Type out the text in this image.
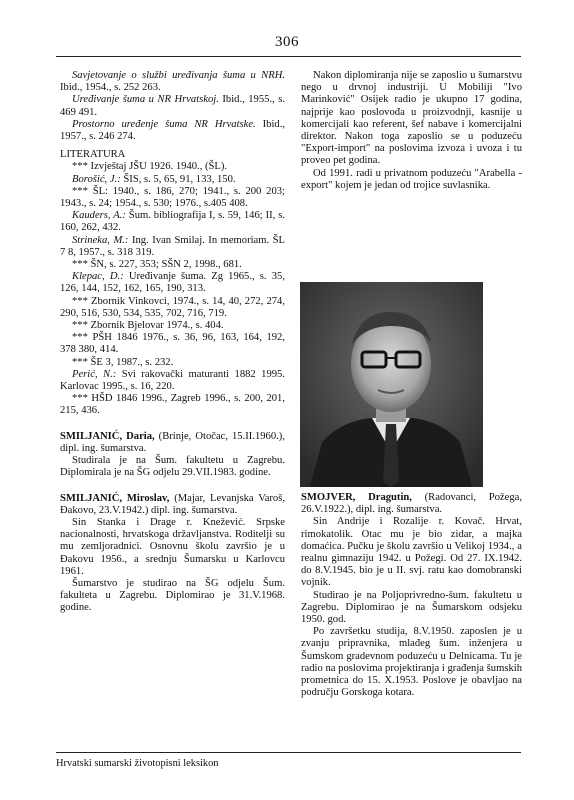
306

Savjetovanje o službi uređivanja šuma u NRH. Ibid., 1954., s. 252 263.

Uređivanje šuma u NR Hrvatskoj. Ibid., 1955., s. 469 491.

Prostorno uređenje šuma NR Hrvatske. Ibid., 1957., s. 246 274.

LITERATURA

*** Izvještaj JŠU 1926. 1940., (ŠL).

Borošić, J.: ŠIS, s. 5, 65, 91, 133, 150.

*** ŠL: 1940., s. 186, 270; 1941., s. 200 203; 1943., s. 24; 1954., s. 530; 1976., s.405 408.

Kauders, A.: Šum. bibliografija I, s. 59, 146; II, s. 160, 262, 432.

Strineka, M.: Ing. Ivan Smilaj. In memoriam. ŠL 7 8, 1957., s. 318 319.

*** ŠN, s. 227, 353; SŠN 2, 1998., 681.

Klepac, D.: Uređivanje šuma. Zg 1965., s. 35, 126, 144, 152, 162, 165, 190, 313.

*** Zbornik Vinkovci, 1974., s. 14, 40, 272, 274, 290, 516, 530, 534, 535, 702, 716, 719.

*** Zbornik Bjelovar 1974., s. 404.

*** PŠH 1846 1976., s. 36, 96, 163, 164, 192, 378 380, 414.

*** ŠE 3, 1987., s. 232.

Perić, N.: Svi rakovački maturanti 1882 1995. Karlovac 1995., s. 16, 220.

*** HŠD 1846 1996., Zagreb 1996., s. 200, 201, 215, 436.

SMILJANIĆ, Daria, (Brinje, Otočac, 15.II.1960.), dipl. ing. šumarstva.

Studirala je na Šum. fakultetu u Zagrebu. Diplomirala je na ŠG odjelu 29.VII.1983. godine.

SMILJANIĆ, Miroslav, (Majar, Levanjska Varoš, Đakovo, 23.V.1942.) dipl. ing. šumarstva.

Sin Stanka i Drage r. Knežević. Srpske nacionalnosti, hrvatskoga državljanstva. Roditelji su mu zemljoradnici. Osnovnu školu završio je u Đakovu 1956., a srednju Šumarsku u Karlovcu 1961.

Šumarstvo je studirao na ŠG odjelu Šum. fakulteta u Zagrebu. Diplomirao je 31.V.1968. godine.

Nakon diplomiranja nije se zaposlio u šumarstvu nego u drvnoj industriji. U Mobiliji "Ivo Marinković" Osijek radio je ukupno 17 godina, najprije kao poslovođa u proizvodnji, kasnije u komercijali kao referent, šef nabave i komercijalni direktor. Nakon toga zaposlio se u poduzeću "Export-import" na poslovima izvoza i uvoza i tu proveo pet godina.

Od 1991. radi u privatnom poduzeću "Arabella - export" kojem je jedan od trojice suvlasnika.

SMOJVER, Dragutin, (Radovanci, Požega, 26.V.1922.), dipl. ing. šumarstva.

Sin Andrije i Rozalije r. Kovač. Hrvat, rimokatolik. Otac mu je bio zidar, a majka domaćica. Pučku je školu završio u Velikoj 1934., a realnu gimnaziju 1942. u Požegi. Od 27. IX.1942. do 8.V.1945. bio je u II. svj. ratu kao domobranski vojnik.

Studirao je na Poljoprivredno-šum. fakultetu u Zagrebu. Diplomirao je na Šumarskom odsjeku 1950. god.

Po završetku studija, 8.V.1950. zaposlen je u zvanju pripravnika, mlađeg šum. inženjera u Šumskom gradevnom poduzeću u Delnicama. Tu je radio na poslovima projektiranja i građenja šumskih prometnica do 15. X.1953. Poslove je obavljao na području Gorskoga kotara.

Hrvatski sumarski životopisni leksikon
